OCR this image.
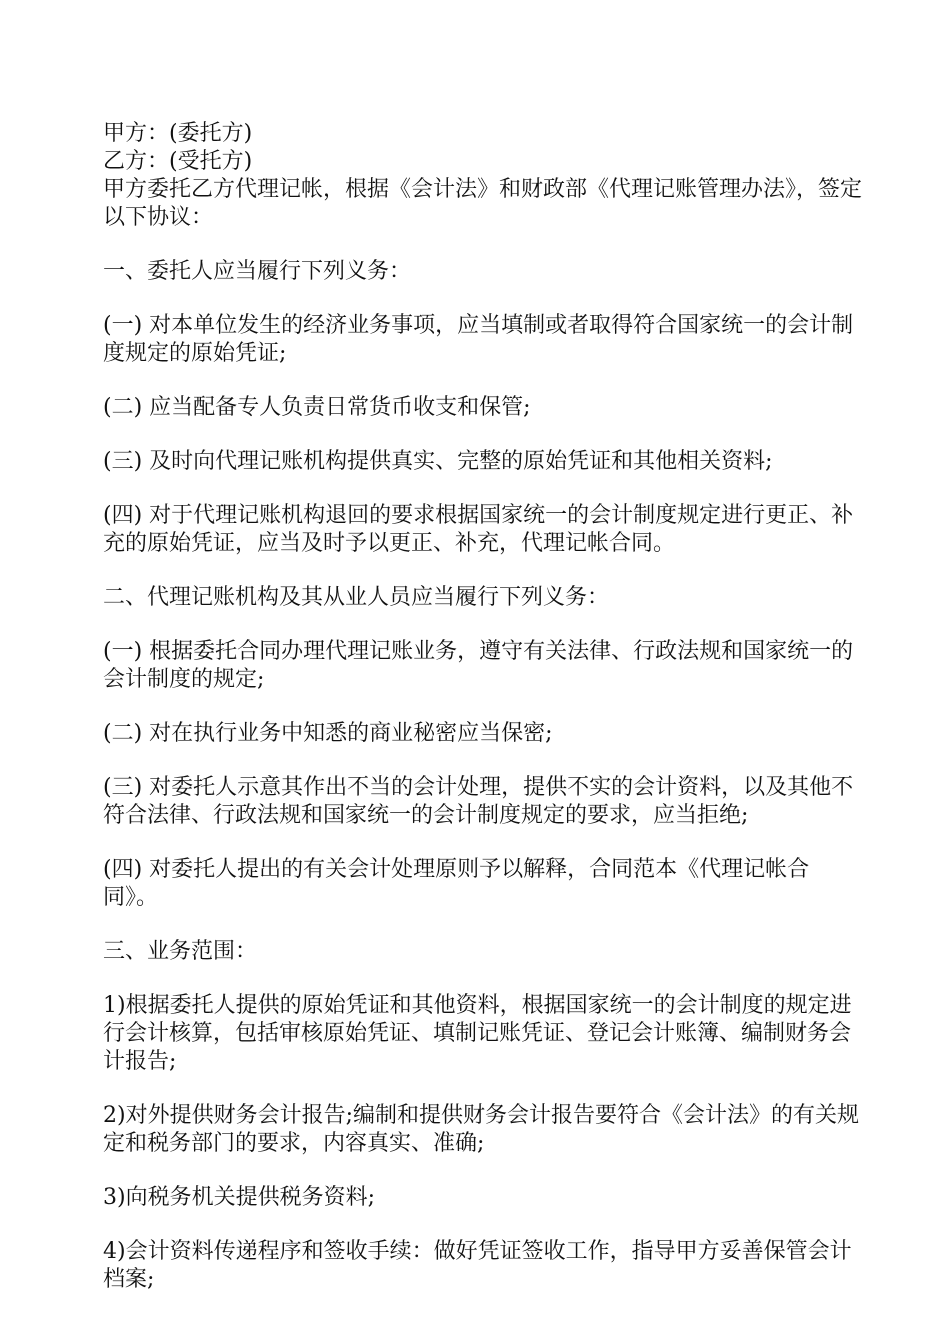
甲方：(委托方)

乙方：(受托方)

甲方委托乙方代理记帐，根据《会计法》和财政部《代理记账管理办法》，签定以下协议：

一、委托人应当履行下列义务：

(一) 对本单位发生的经济业务事项，应当填制或者取得符合国家统一的会计制度规定的原始凭证;

(二) 应当配备专人负责日常货币收支和保管;

(三) 及时向代理记账机构提供真实、完整的原始凭证和其他相关资料;

(四) 对于代理记账机构退回的要求根据国家统一的会计制度规定进行更正、补充的原始凭证，应当及时予以更正、补充，代理记帐合同。

二、代理记账机构及其从业人员应当履行下列义务：

(一) 根据委托合同办理代理记账业务，遵守有关法律、行政法规和国家统一的会计制度的规定;

(二) 对在执行业务中知悉的商业秘密应当保密;

(三) 对委托人示意其作出不当的会计处理，提供不实的会计资料，以及其他不符合法律、行政法规和国家统一的会计制度规定的要求，应当拒绝;

(四) 对委托人提出的有关会计处理原则予以解释，合同范本《代理记帐合同》。

三、业务范围：

1)根据委托人提供的原始凭证和其他资料，根据国家统一的会计制度的规定进行会计核算，包括审核原始凭证、填制记账凭证、登记会计账簿、编制财务会计报告;

2)对外提供财务会计报告;编制和提供财务会计报告要符合《会计法》的有关规定和税务部门的要求，内容真实、准确;

3)向税务机关提供税务资料;

4)会计资料传递程序和签收手续：做好凭证签收工作，指导甲方妥善保管会计档案;
